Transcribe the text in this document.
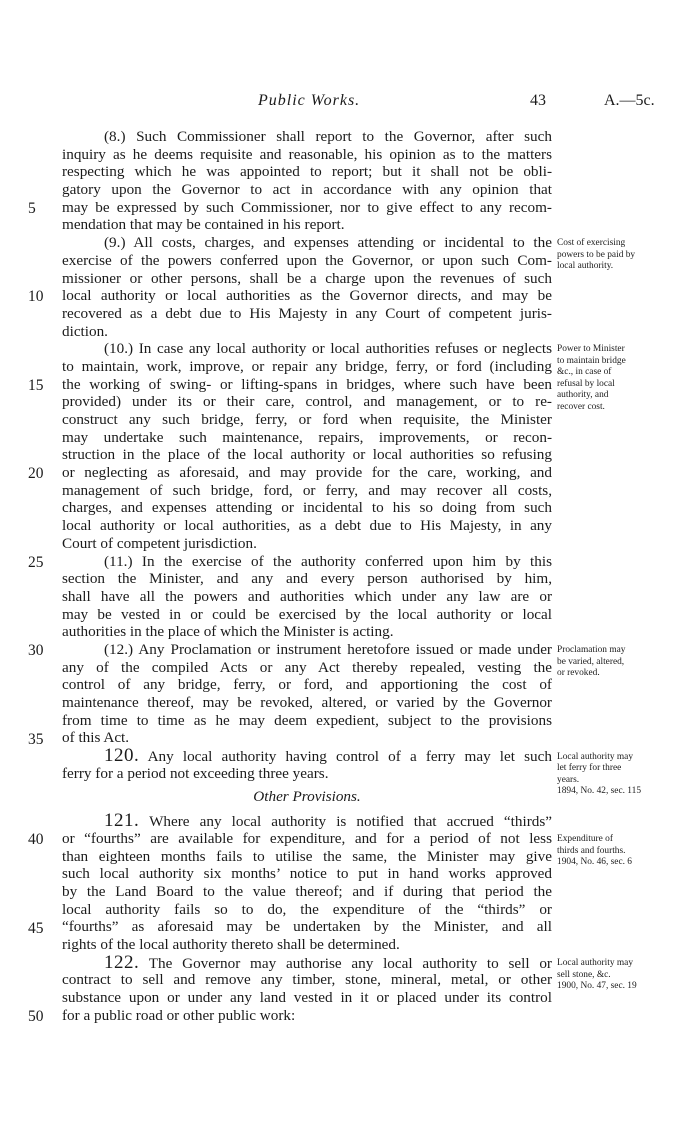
Public Works.	43	A.—5c.
(8.) Such Commissioner shall report to the Governor, after such
inquiry as he deems requisite and reasonable, his opinion as to the matters
respecting which he was appointed to report; but it shall not be obli-
gatory upon the Governor to act in accordance with any opinion that
may be expressed by such Commissioner, nor to give effect to any recom-
mendation that may be contained in his report.
(9.) All costs, charges, and expenses attending or incidental to the
exercise of the powers conferred upon the Governor, or upon such Com-
missioner or other persons, shall be a charge upon the revenues of such
local authority or local authorities as the Governor directs, and may be
recovered as a debt due to His Majesty in any Court of competent juris-
diction.
(10.) In case any local authority or local authorities refuses or neglects
to maintain, work, improve, or repair any bridge, ferry, or ford (including
the working of swing- or lifting-spans in bridges, where such have been
provided) under its or their care, control, and management, or to re-
construct any such bridge, ferry, or ford when requisite, the Minister
may undertake such maintenance, repairs, improvements, or recon-
struction in the place of the local authority or local authorities so refusing
or neglecting as aforesaid, and may provide for the care, working, and
management of such bridge, ford, or ferry, and may recover all costs,
charges, and expenses attending or incidental to his so doing from such
local authority or local authorities, as a debt due to His Majesty, in any
Court of competent jurisdiction.
(11.) In the exercise of the authority conferred upon him by this
section the Minister, and any and every person authorised by him,
shall have all the powers and authorities which under any law are or
may be vested in or could be exercised by the local authority or local
authorities in the place of which the Minister is acting.
(12.) Any Proclamation or instrument heretofore issued or made under
any of the compiled Acts or any Act thereby repealed, vesting the
control of any bridge, ferry, or ford, and apportioning the cost of
maintenance thereof, may be revoked, altered, or varied by the Governor
from time to time as he may deem expedient, subject to the provisions
of this Act.
120. Any local authority having control of a ferry may let such
ferry for a period not exceeding three years.
Other Provisions.
121. Where any local authority is notified that accrued “thirds”
or “fourths” are available for expenditure, and for a period of not less
than eighteen months fails to utilise the same, the Minister may give
such local authority six months’ notice to put in hand works approved
by the Land Board to the value thereof; and if during that period the
local authority fails so to do, the expenditure of the “thirds” or
“fourths” as aforesaid may be undertaken by the Minister, and all
rights of the local authority thereto shall be determined.
122. The Governor may authorise any local authority to sell or
contract to sell and remove any timber, stone, mineral, metal, or other
substance upon or under any land vested in it or placed under its control
for a public road or other public work:
5
10
15
20
25
30
35
40
45
50
Cost of exercising
powers to be paid by
local authority.
Power to Minister
to maintain bridge
&c., in case of
refusal by local
authority, and
recover cost.
Proclamation may
be varied, altered,
or revoked.
Local authority may
let ferry for three
years.
1894, No. 42, sec. 115
Expenditure of
thirds and fourths.
1904, No. 46, sec. 6
Local authority may
sell stone, &c.
1900, No. 47, sec. 19
